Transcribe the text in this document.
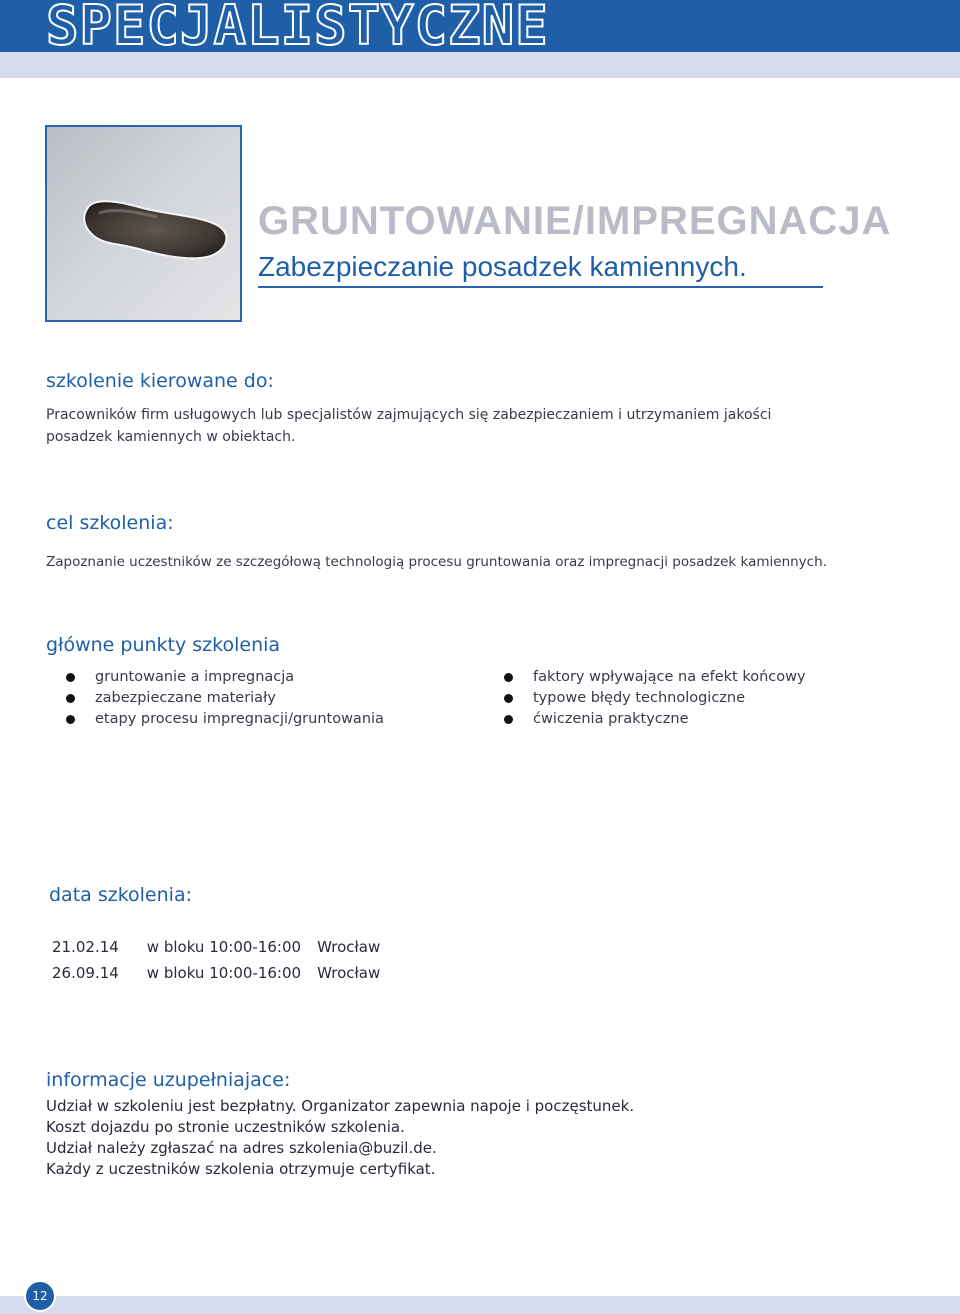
SPECJALISTYCZNE
GRUNTOWANIE/IMPREGNACJA
Zabezpieczanie posadzek kamiennych.
szkolenie kierowane do:
Pracowników firm usługowych lub specjalistów zajmujących się zabezpieczaniem i utrzymaniem jakości
posadzek kamiennych w obiektach.
cel szkolenia:
Zapoznanie uczestników ze szczegółową technologią procesu gruntowania oraz impregnacji posadzek kamiennych.
główne punkty szkolenia
gruntowanie a impregnacja
zabezpieczane materiały
etapy procesu impregnacji/gruntowania
faktory wpływające na efekt końcowy
typowe błędy technologiczne
ćwiczenia praktyczne
data szkolenia:
21.02.14	w bloku 10:00-16:00	Wrocław
26.09.14	w bloku 10:00-16:00	Wrocław
informacje uzupełniajace:
Udział w szkoleniu jest bezpłatny. Organizator zapewnia napoje i poczęstunek.
Koszt dojazdu po stronie uczestników szkolenia.
Udział należy zgłaszać na adres szkolenia@buzil.de.
Każdy z uczestników szkolenia otrzymuje certyfikat.
12
